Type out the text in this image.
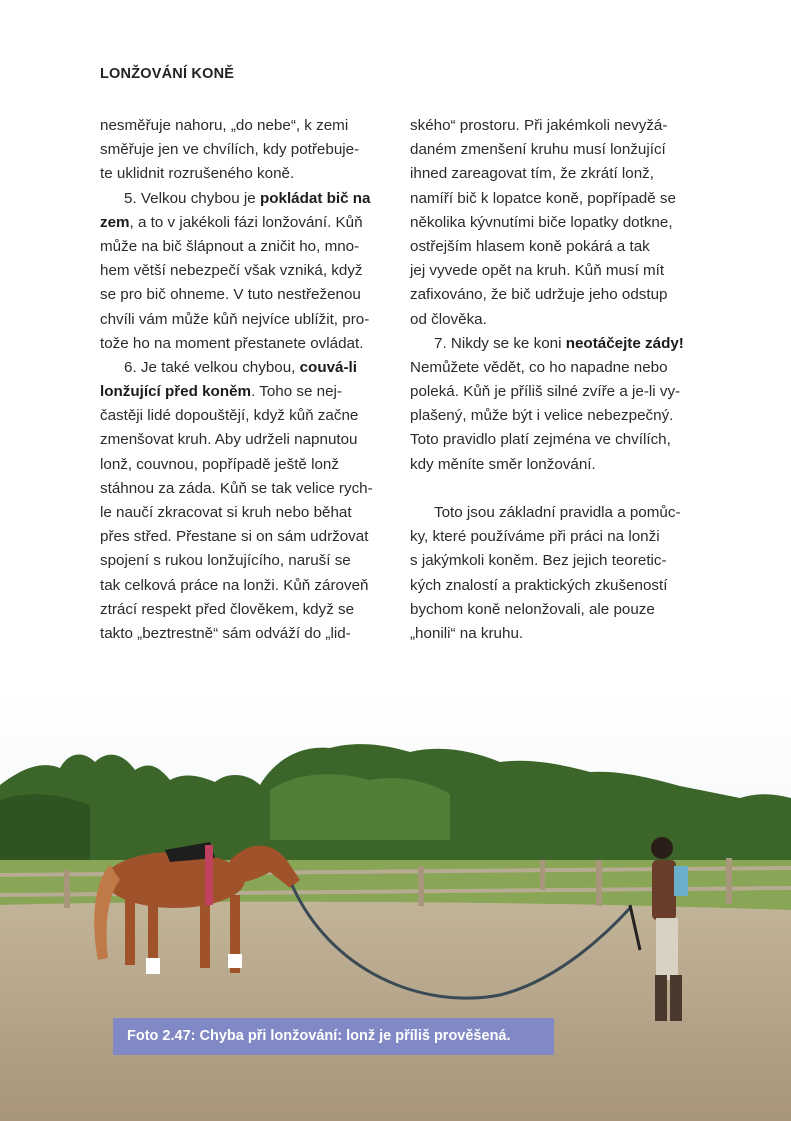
LONŽOVÁNÍ KONĚ
nesměřuje nahoru, „do nebe“, k zemi
směřuje jen ve chvílích, kdy potřebuje-
te uklidnit rozrušeného koně.
5. Velkou chybou je pokládat bič na
zem, a to v jakékoli fázi lonžování. Kůň
může na bič šlápnout a zničit ho, mno-
hem větší nebezpečí však vzniká, když
se pro bič ohneme. V tuto nestřeženou
chvíli vám může kůň nejvíce ublížit, pro-
tože ho na moment přestanete ovládat.
6. Je také velkou chybou, couvá-li
lonžující před koněm. Toho se nej-
častěji lidé dopouštějí, když kůň začne
zmenšovat kruh. Aby udrželi napnutou
lonž, couvnou, popřípadě ještě lonž
stáhnou za záda. Kůň se tak velice rych-
le naučí zkracovat si kruh nebo běhat
přes střed. Přestane si on sám udržovat
spojení s rukou lonžujícího, naruší se
tak celková práce na lonži. Kůň zároveň
ztrácí respekt před člověkem, když se
takto „beztrestně“ sám odváží do „lid-
ského“ prostoru. Při jakémkoli nevyžá-
daném zmenšení kruhu musí lonžující
ihned zareagovat tím, že zkrátí lonž,
namíří bič k lopatce koně, popřípadě se
několika kývnutími biče lopatky dotkne,
ostřejším hlasem koně pokárá a tak
jej vyvede opět na kruh. Kůň musí mít
zafixováno, že bič udržuje jeho odstup
od člověka.
7. Nikdy se ke koni neotáčejte zády!
Nemůžete vědět, co ho napadne nebo
poleká. Kůň je příliš silné zvíře a je-li vy-
plašený, může být i velice nebezpečný.
Toto pravidlo platí zejména ve chvílích,
kdy měníte směr lonžování.
Toto jsou základní pravidla a pomůc-
ky, které používáme při práci na lonži
s jakýmkoli koněm. Bez jejich teoretic-
kých znalostí a praktických zkušeností
bychom koně nelonžovali, ale pouze
„honili“ na kruhu.
Foto 2.47: Chyba při lonžování: lonž je příliš prověšená.
